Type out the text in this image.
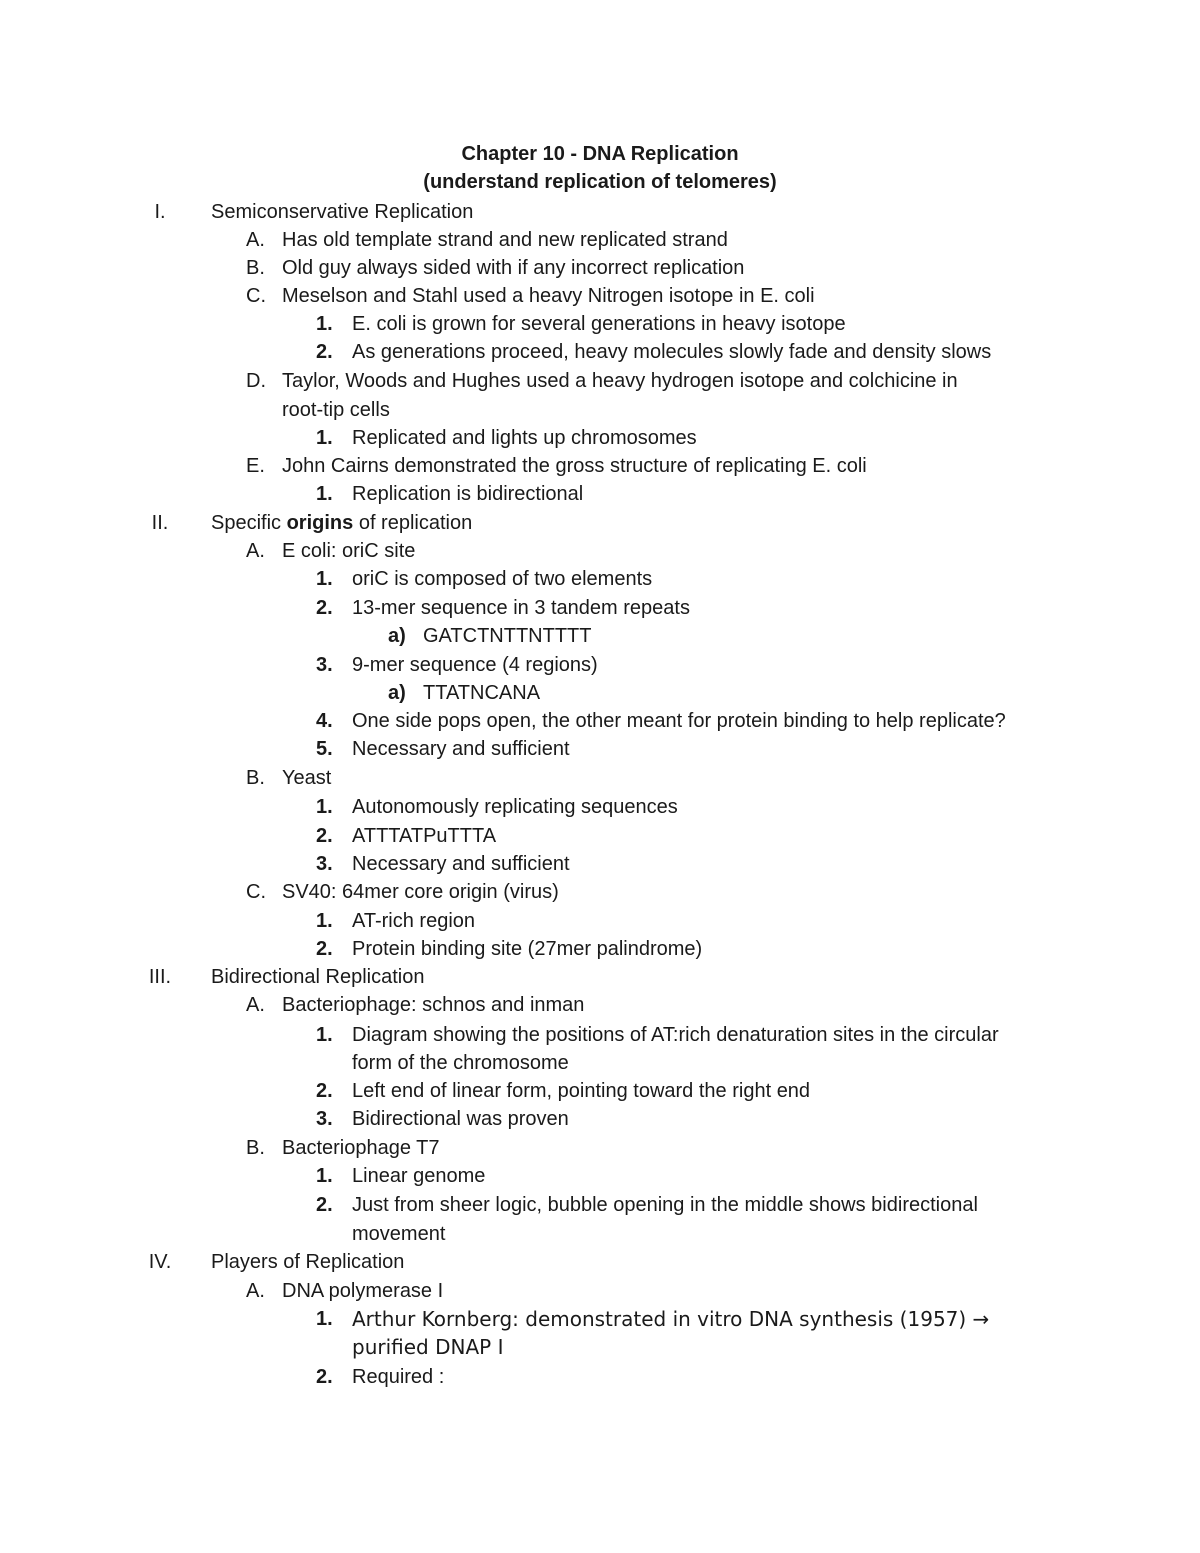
Chapter 10 - DNA Replication
(understand replication of telomeres)
I.	Semiconservative Replication
A. Has old template strand and new replicated strand
B. Old guy always sided with if any incorrect replication
C. Meselson and Stahl used a heavy Nitrogen isotope in E. coli
1. E. coli is grown for several generations in heavy isotope
2. As generations proceed, heavy molecules slowly fade and density slows
D. Taylor, Woods and Hughes used a heavy hydrogen isotope and colchicine in
root-tip cells
1. Replicated and lights up chromosomes
E. John Cairns demonstrated the gross structure of replicating E. coli
1. Replication is bidirectional
II.	Specific origins of replication
A. E coli: oriC site
1. oriC is composed of two elements
2. 13-mer sequence in 3 tandem repeats
a) GATCTNTTNTTTT
3. 9-mer sequence (4 regions)
a) TTATNCANA
4. One side pops open, the other meant for protein binding to help replicate?
5. Necessary and sufficient
B. Yeast
1. Autonomously replicating sequences
2. ATTTATPuTTTA
3. Necessary and sufficient
C. SV40: 64mer core origin (virus)
1. AT-rich region
2. Protein binding site (27mer palindrome)
III.	Bidirectional Replication
A. Bacteriophage: schnos and inman
1. Diagram showing the positions of AT:rich denaturation sites in the circular
form of the chromosome
2. Left end of linear form, pointing toward the right end
3. Bidirectional was proven
B. Bacteriophage T7
1. Linear genome
2. Just from sheer logic, bubble opening in the middle shows bidirectional
movement
IV.	Players of Replication
A. DNA polymerase I
1. Arthur Kornberg: demonstrated in vitro DNA synthesis (1957) →
purified DNAP I
2. Required :
